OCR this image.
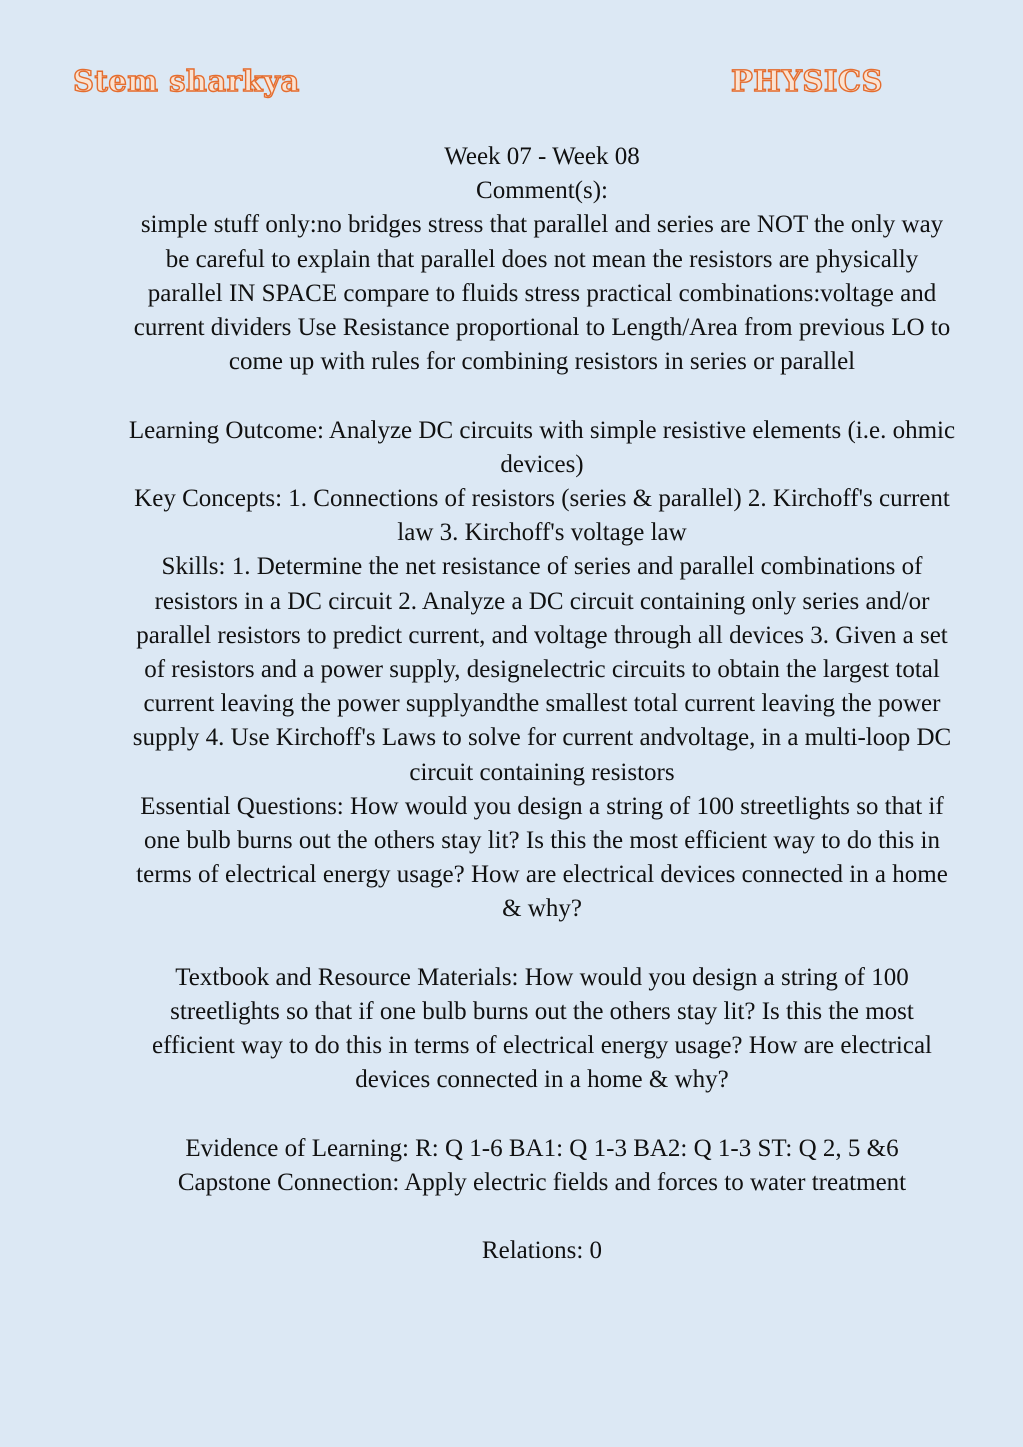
Stem sharkya	PHYSICS

Week 07 - Week 08

Comment(s):

simple stuff only:no bridges stress that parallel and series are NOT the only way be careful to explain that parallel does not mean the resistors are physically parallel IN SPACE compare to fluids stress practical combinations:voltage and current dividers Use Resistance proportional to Length/Area from previous LO to come up with rules for combining resistors in series or parallel

Learning Outcome: Analyze DC circuits with simple resistive elements (i.e. ohmic devices)

Key Concepts: 1. Connections of resistors (series & parallel) 2. Kirchoff's current law 3. Kirchoff's voltage law

Skills: 1. Determine the net resistance of series and parallel combinations of resistors in a DC circuit 2. Analyze a DC circuit containing only series and/or parallel resistors to predict current, and voltage through all devices 3. Given a set of resistors and a power supply, designelectric circuits to obtain the largest total current leaving the power supplyandthe smallest total current leaving the power supply 4. Use Kirchoff's Laws to solve for current andvoltage, in a multi-loop DC circuit containing resistors

Essential Questions: How would you design a string of 100 streetlights so that if one bulb burns out the others stay lit? Is this the most efficient way to do this in terms of electrical energy usage? How are electrical devices connected in a home & why?

Textbook and Resource Materials: How would you design a string of 100 streetlights so that if one bulb burns out the others stay lit? Is this the most efficient way to do this in terms of electrical energy usage? How are electrical devices connected in a home & why?

Evidence of Learning: R: Q 1-6 BA1: Q 1-3 BA2: Q 1-3 ST: Q 2, 5 &6

Capstone Connection: Apply electric fields and forces to water treatment

Relations: 0
